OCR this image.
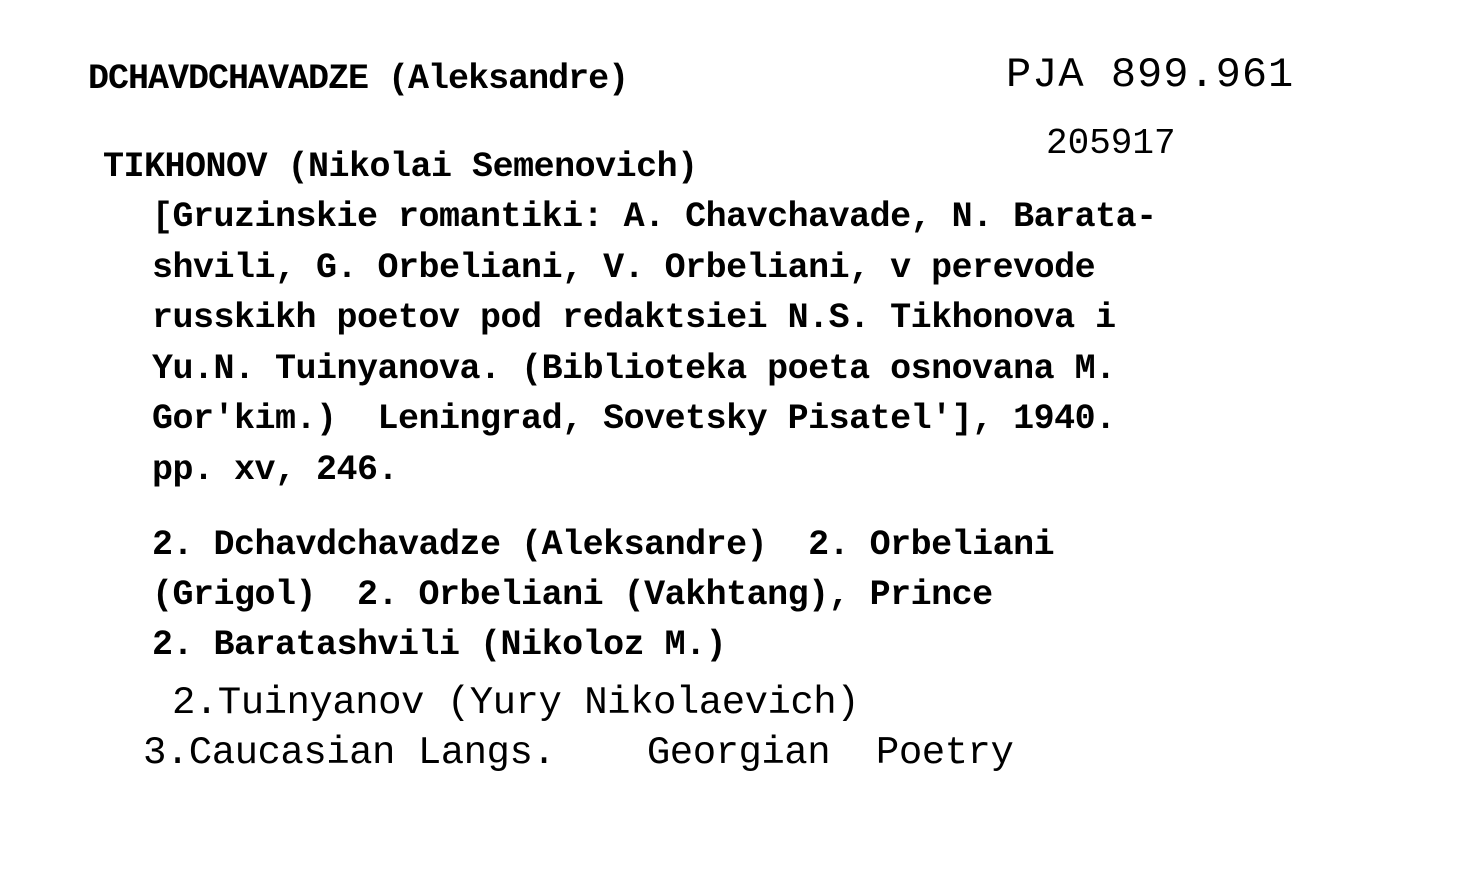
DCHAVDCHAVADZE (Aleksandre)	PJA 899.961
205917
TIKHONOV (Nikolai Semenovich)
[Gruzinskie romantiki: A. Chavchavade, N. Barata-
shvili, G. Orbeliani, V. Orbeliani, v perevode
russkikh poetov pod redaktsiei N.S. Tikhonova i
Yu.N. Tuinyanova. (Biblioteka poeta osnovana M.
Gor'kim.)  Leningrad, Sovetsky Pisatel'], 1940.
pp. xv, 246.
2. Dchavdchavadze (Aleksandre)  2. Orbeliani
(Grigol)  2. Orbeliani (Vakhtang), Prince
2. Baratashvili (Nikoloz M.)
2.Tuinyanov (Yury Nikolaevich)
3.Caucasian Langs.    Georgian  Poetry
